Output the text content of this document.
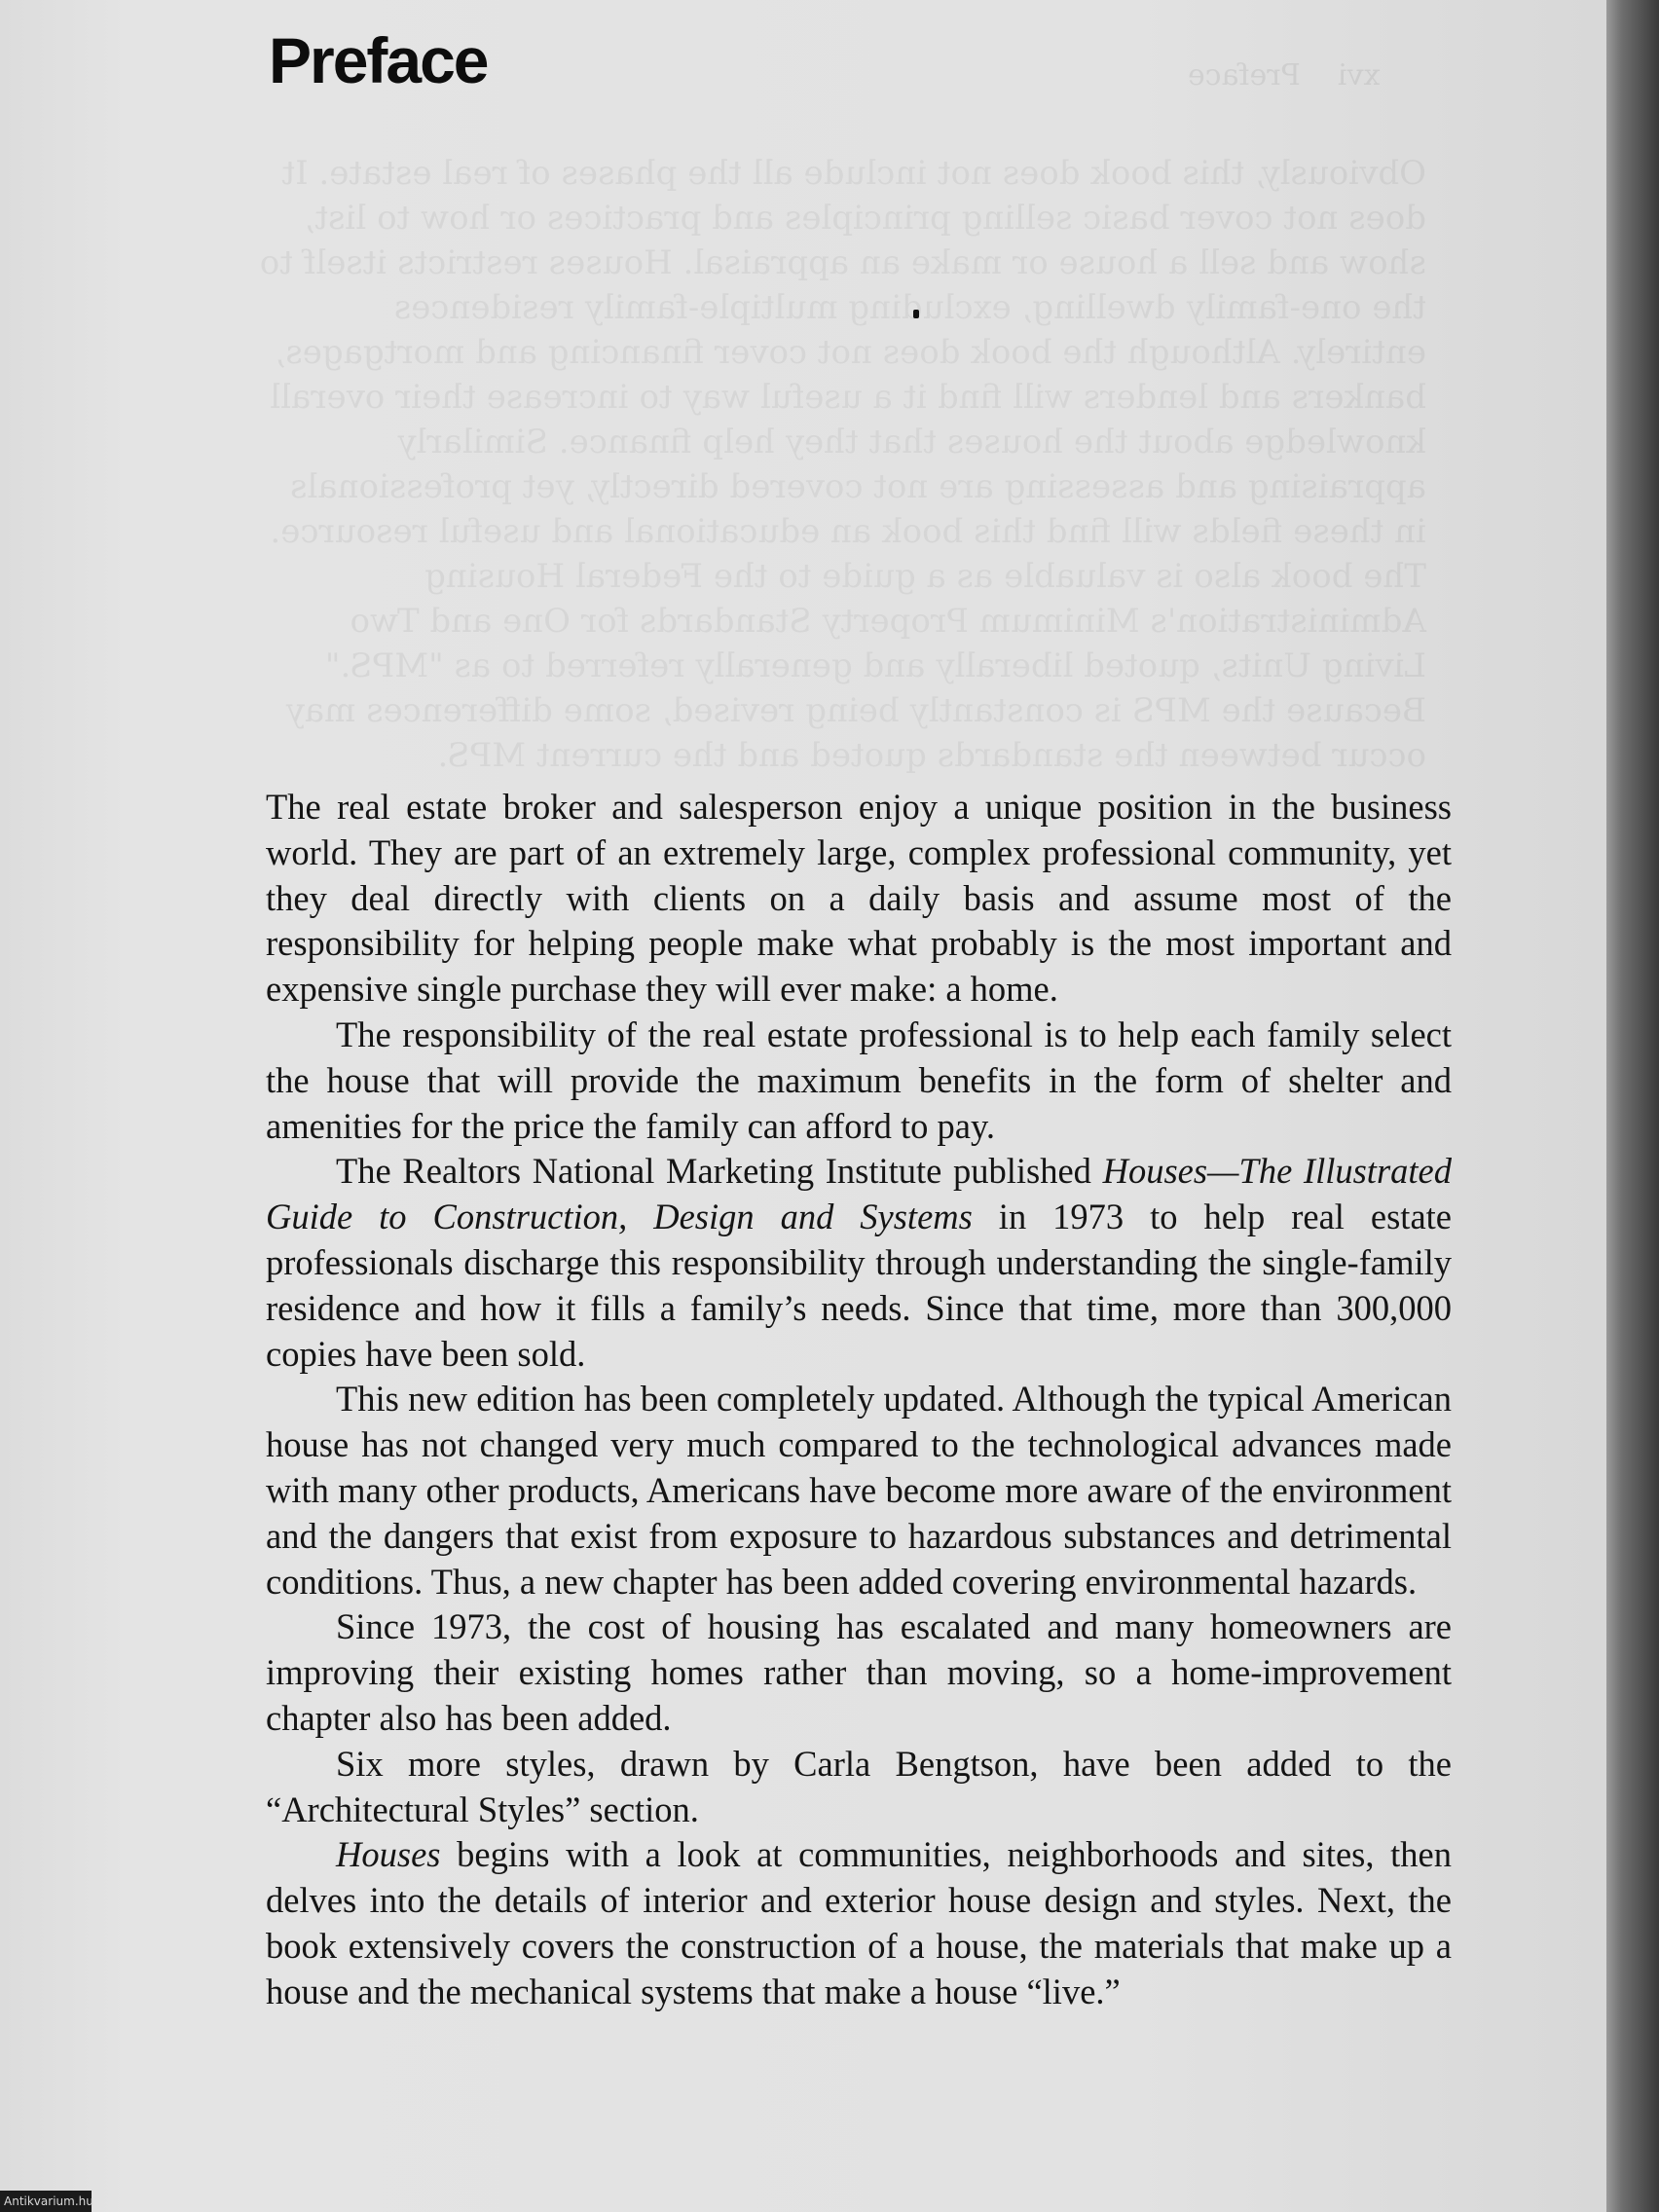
xvi    Preface
Obviously, this book does not include all the phases of real estate. It does not cover basic selling principles and practices or how to list, show and sell a house or make an appraisal. Houses restricts itself to the one-family dwelling, excluding multiple-family residences entirely. Although the book does not cover financing and mortgages, bankers and lenders will find it a useful way to increase their overall knowledge about the houses that they help finance. Similarly appraising and assessing are not covered directly, yet professionals in these fields will find this book an educational and useful resource. The book also is valuable as a guide to the Federal Housing Administration's Minimum Property Standards for One and Two Living Units, quoted liberally and generally referred to as "MPS." Because the MPS is constantly being revised, some differences may occur between the standards quoted and the current MPS.
Preface

The real estate broker and salesperson enjoy a unique position in the business world. They are part of an extremely large, complex professional community, yet they deal directly with clients on a daily basis and assume most of the responsibility for helping people make what probably is the most important and expensive single purchase they will ever make: a home.

The responsibility of the real estate professional is to help each family select the house that will provide the maximum benefits in the form of shelter and amenities for the price the family can afford to pay.

The Realtors National Marketing Institute published Houses—The Illustrated Guide to Construction, Design and Systems in 1973 to help real estate professionals discharge this responsibility through understanding the single-family residence and how it fills a family’s needs. Since that time, more than 300,000 copies have been sold.

This new edition has been completely updated. Although the typical American house has not changed very much compared to the technological advances made with many other products, Americans have become more aware of the environment and the dangers that exist from exposure to hazardous substances and detrimental conditions. Thus, a new chapter has been added covering environmental hazards.

Since 1973, the cost of housing has escalated and many homeowners are improving their existing homes rather than moving, so a home-improvement chapter also has been added.

Six more styles, drawn by Carla Bengtson, have been added to the “Architectural Styles” section.

Houses begins with a look at communities, neighborhoods and sites, then delves into the details of interior and exterior house design and styles. Next, the book extensively covers the construction of a house, the materials that make up a house and the mechanical systems that make a house “live.”

Antikvarium.hu
